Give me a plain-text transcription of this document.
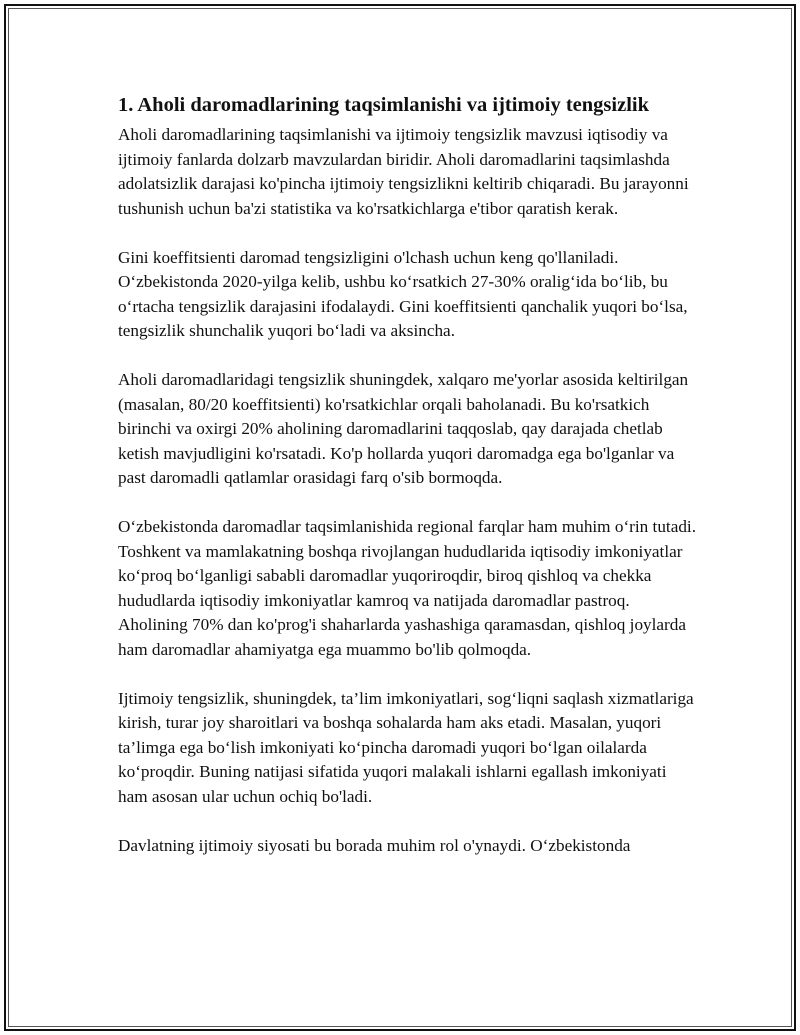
1. Aholi daromadlarining taqsimlanishi va ijtimoiy tengsizlik

Aholi daromadlarining taqsimlanishi va ijtimoiy tengsizlik mavzusi iqtisodiy va ijtimoiy fanlarda dolzarb mavzulardan biridir. Aholi daromadlarini taqsimlashda adolatsizlik darajasi ko'pincha ijtimoiy tengsizlikni keltirib chiqaradi. Bu jarayonni tushunish uchun ba'zi statistika va ko'rsatkichlarga e'tibor qaratish kerak.

Gini koeffitsienti daromad tengsizligini o'lchash uchun keng qo'llaniladi. O‘zbekistonda 2020-yilga kelib, ushbu ko‘rsatkich 27-30% oralig‘ida bo‘lib, bu o‘rtacha tengsizlik darajasini ifodalaydi. Gini koeffitsienti qanchalik yuqori bo‘lsa, tengsizlik shunchalik yuqori bo‘ladi va aksincha.

Aholi daromadlaridagi tengsizlik shuningdek, xalqaro me'yorlar asosida keltirilgan (masalan, 80/20 koeffitsienti) ko'rsatkichlar orqali baholanadi. Bu ko'rsatkich birinchi va oxirgi 20% aholining daromadlarini taqqoslab, qay darajada chetlab ketish mavjudligini ko'rsatadi. Ko'p hollarda yuqori daromadga ega bo'lganlar va past daromadli qatlamlar orasidagi farq o'sib bormoqda.

O‘zbekistonda daromadlar taqsimlanishida regional farqlar ham muhim o‘rin tutadi. Toshkent va mamlakatning boshqa rivojlangan hududlarida iqtisodiy imkoniyatlar ko‘proq bo‘lganligi sababli daromadlar yuqoriroqdir, biroq qishloq va chekka hududlarda iqtisodiy imkoniyatlar kamroq va natijada daromadlar pastroq. Aholining 70% dan ko'prog'i shaharlarda yashashiga qaramasdan, qishloq joylarda ham daromadlar ahamiyatga ega muammo bo'lib qolmoqda.

Ijtimoiy tengsizlik, shuningdek, ta’lim imkoniyatlari, sog‘liqni saqlash xizmatlariga kirish, turar joy sharoitlari va boshqa sohalarda ham aks etadi. Masalan, yuqori ta’limga ega bo‘lish imkoniyati ko‘pincha daromadi yuqori bo‘lgan oilalarda ko‘proqdir. Buning natijasi sifatida yuqori malakali ishlarni egallash imkoniyati ham asosan ular uchun ochiq bo'ladi.

Davlatning ijtimoiy siyosati bu borada muhim rol o'ynaydi. O‘zbekistonda
